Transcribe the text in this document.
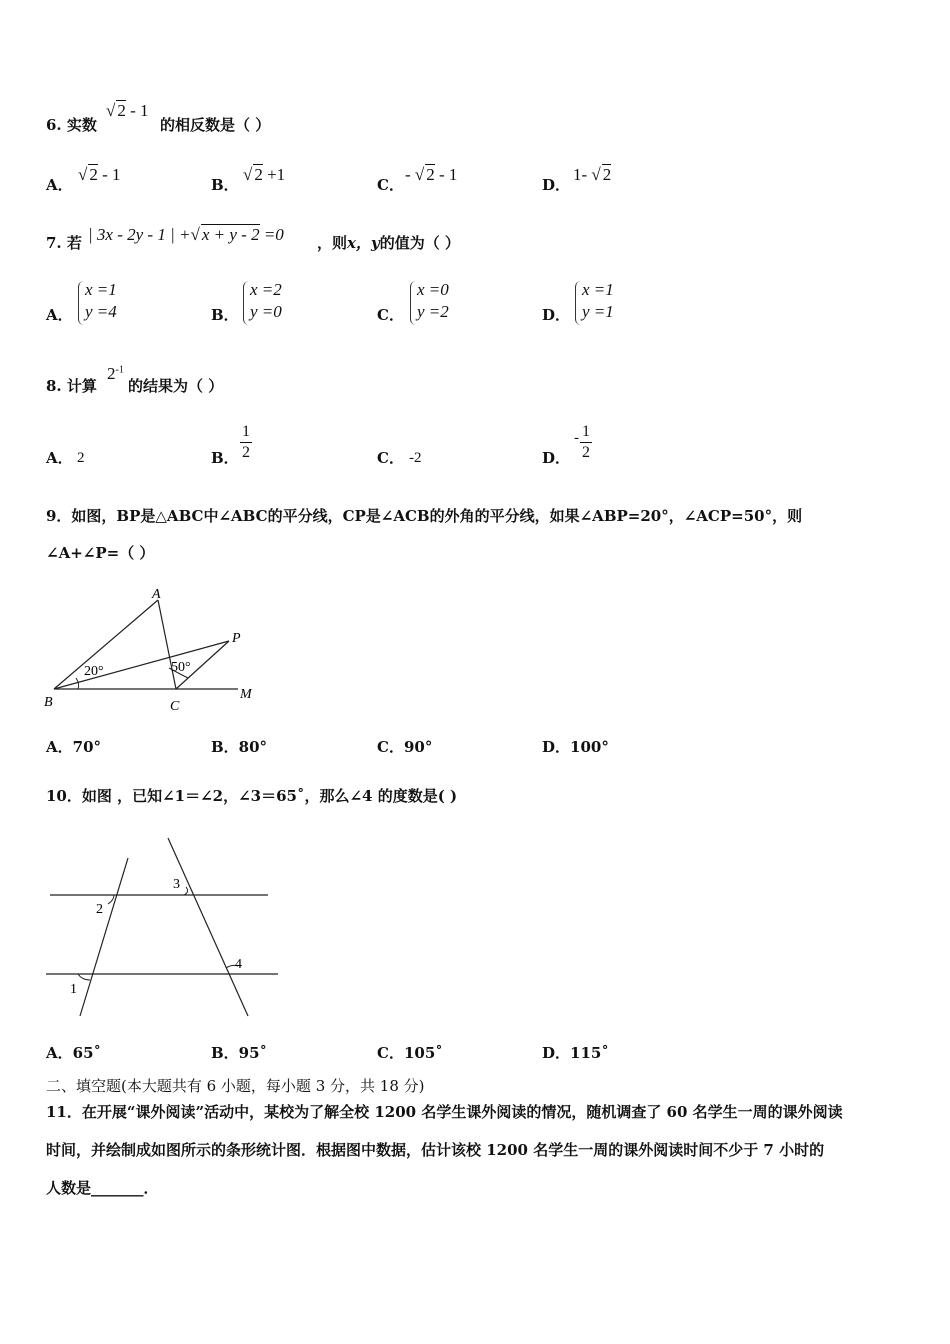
6. 实数
√ 2 - 1
的相反数是（ ）
A．
√ 2 - 1
B．
√ 2 +1
C．
- √ 2 - 1
D．
1- √ 2
7. 若 | 3x - 2y - 1 | +√ x + y - 2 =0 ，则x，y的值为（ ）
A．
x =1
y =4	B．
x =2
y =0	C．
x =0
y =2	D．
x =1
y =1
8. 计算
$2^{-1}$
的结果为（ ）
A． 2	B． $\frac{1}{2}$	C． -2	D．
- $\frac{1}{2}$
9．如图，BP是△ABC中∠ABC的平分线，CP是∠ACB的外角的平分线，如果∠ABP=20°，∠ACP=50°，则
∠A+∠P=（ ）
A
B	C
P
M
20°	50°
A．70°	B．80°	C．90°	D．100°
10．如图 ，已知∠1＝∠2，∠3＝65˚，那么∠4 的度数是( )
1
2
3
4
A．65˚	B．95˚	C．105˚	D．115˚
二、填空题(本大题共有 6 小题，每小题 3 分，共 18 分)
11．在开展“课外阅读”活动中，某校为了解全校 1200 名学生课外阅读的情况，随机调查了 60 名学生一周的课外阅读
时间，并绘制成如图所示的条形统计图．根据图中数据，估计该校 1200 名学生一周的课外阅读时间不少于 7 小时的
人数是_______．
